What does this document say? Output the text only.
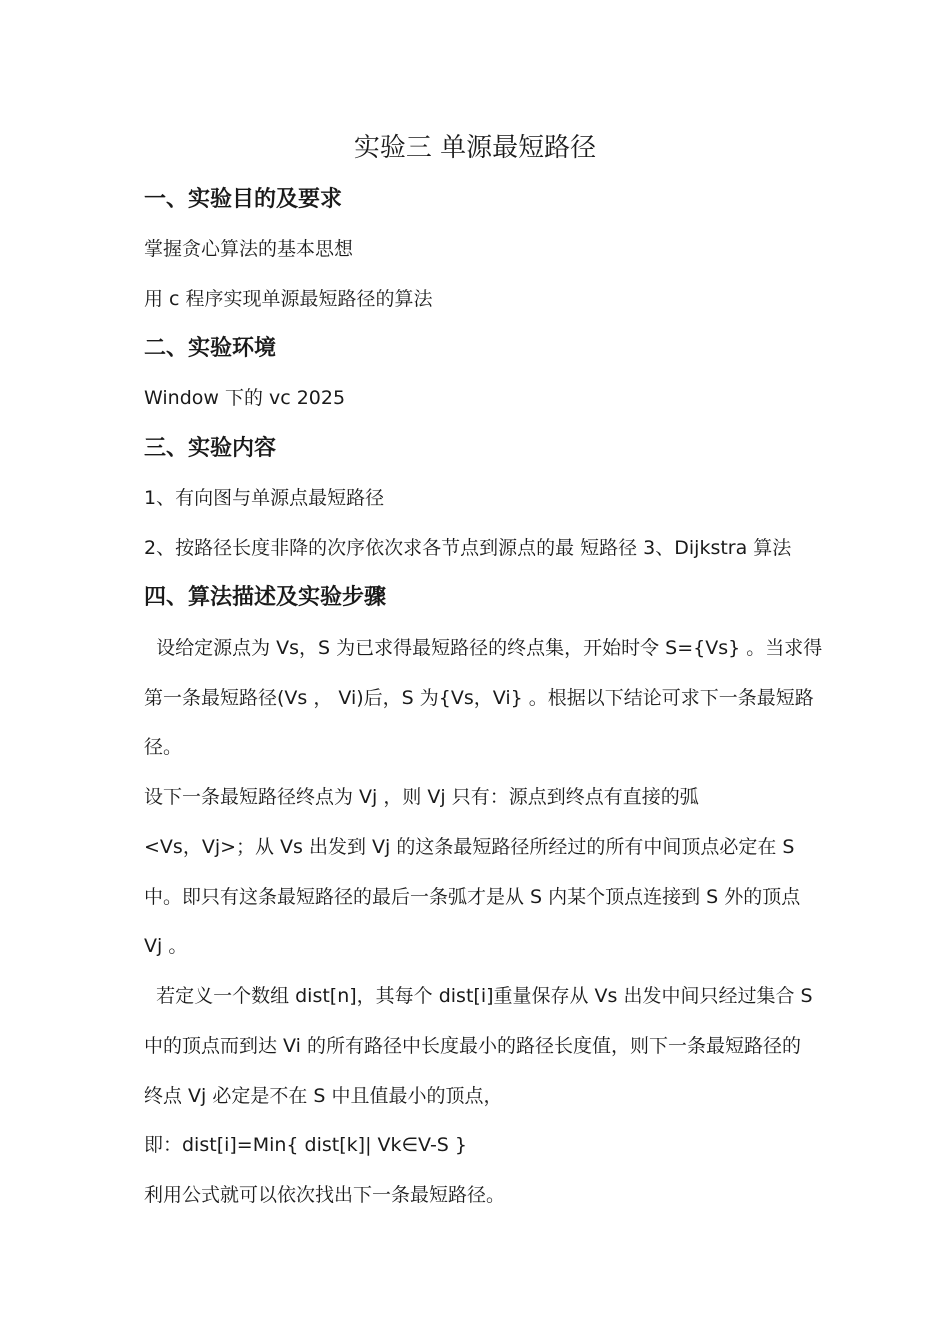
实验三 单源最短路径
一、实验目的及要求
掌握贪心算法的基本思想
用 c 程序实现单源最短路径的算法
二、实验环境
Window 下的 vc 2025
三、实验内容
1、有向图与单源点最短路径
2、按路径长度非降的次序依次求各节点到源点的最 短路径 3、Dijkstra 算法
四、算法描述及实验步骤
设给定源点为 Vs，S 为已求得最短路径的终点集，开始时令 S={Vs} 。当求得
第一条最短路径(Vs ， Vi)后，S 为{Vs，Vi} 。根据以下结论可求下一条最短路
径。
设下一条最短路径终点为 Vj ，则 Vj 只有：源点到终点有直接的弧
<Vs，Vj>；从 Vs 出发到 Vj 的这条最短路径所经过的所有中间顶点必定在 S
中。即只有这条最短路径的最后一条弧才是从 S 内某个顶点连接到 S 外的顶点
Vj 。
若定义一个数组 dist[n]，其每个 dist[i]重量保存从 Vs 出发中间只经过集合 S
中的顶点而到达 Vi 的所有路径中长度最小的路径长度值，则下一条最短路径的
终点 Vj 必定是不在 S 中且值最小的顶点，
即：dist[i]=Min{ dist[k]| Vk∈V-S }
利用公式就可以依次找出下一条最短路径。
